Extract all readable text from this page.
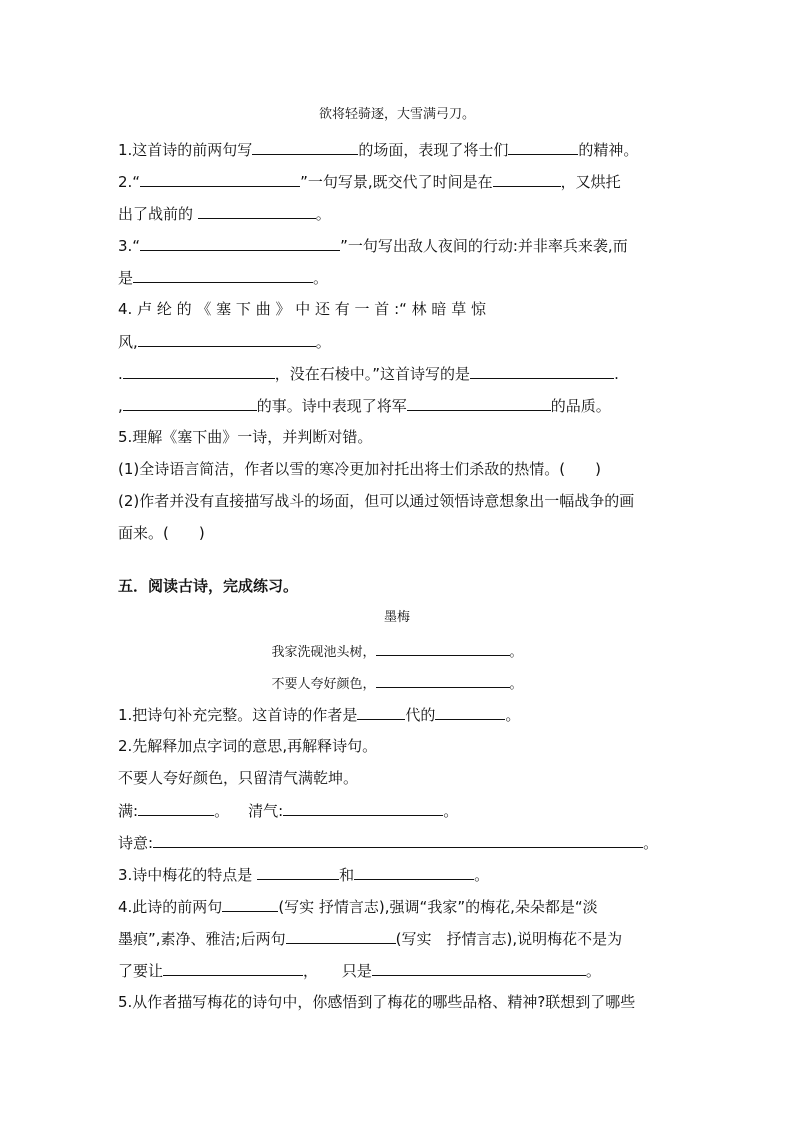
欲将轻骑逐，大雪满弓刀。
1.这首诗的前两句写	的场面，表现了将士们	的精神。
2.“	”一句写景,既交代了时间是在	，又烘托
出了战前的	。
3.“	”一句写出敌人夜间的行动:并非率兵来袭,而
是	。
4. 卢 纶 的 《 塞 下 曲 》 中 还 有 一 首 :“ 林 暗 草 惊
风,	。
.	，没在石棱中。”这首诗写的是	.
,	的事。诗中表现了将军	的品质。
5.理解《塞下曲》一诗，并判断对错。
(1)全诗语言简洁，作者以雪的寒冷更加衬托出将士们杀敌的热情。(　　)
(2)作者并没有直接描写战斗的场面，但可以通过领悟诗意想象出一幅战争的画
面来。(　　)
五．阅读古诗，完成练习。
墨梅
我家洗砚池头树，	。
不要人夸好颜色，	。
1.把诗句补充完整。这首诗的作者是	代的	。
2.先解释加点字词的意思,再解释诗句。
不要人夸好颜色，只留清气满乾坤。
满:	。 清气:	。
诗意:	。
3.诗中梅花的特点是	和	。
4.此诗的前两句	(写实 抒情言志),强调“我家”的梅花,朵朵都是“淡
墨痕”,素净、雅洁;后两句	(写实　抒情言志),说明梅花不是为
了要让	， 只是	。
5.从作者描写梅花的诗句中，你感悟到了梅花的哪些品格、精神?联想到了哪些
